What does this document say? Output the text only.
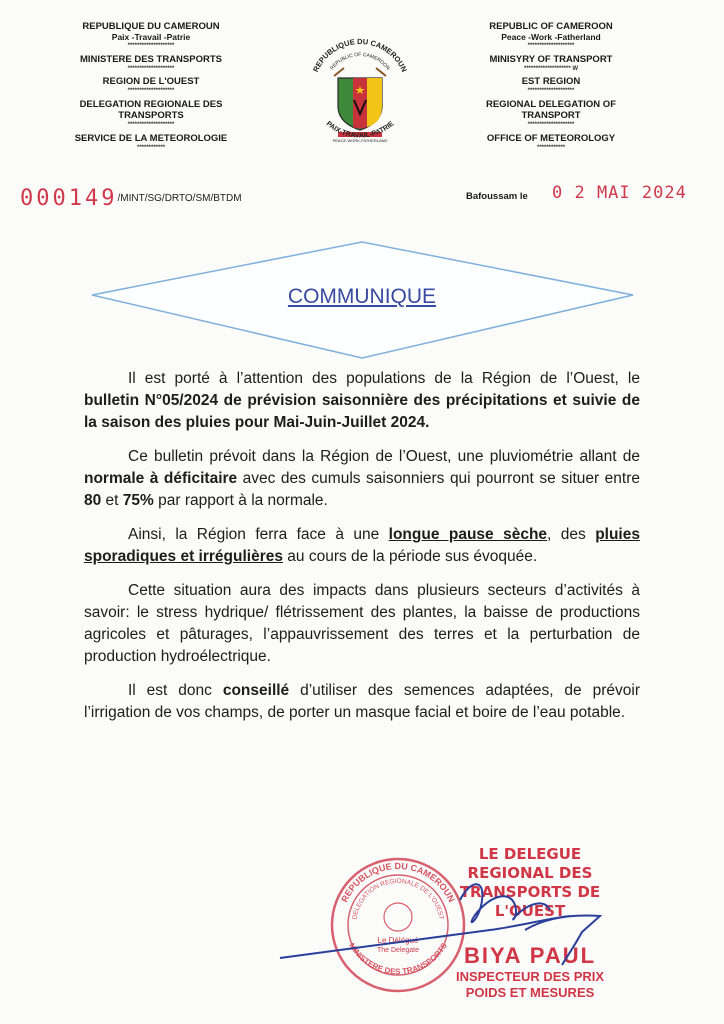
REPUBLIQUE DU CAMEROUN

Paix -Travail -Patrie

********************

MINISTERE DES TRANSPORTS

********************

REGION DE L'OUEST

********************

DELEGATION REGIONALE DES TRANSPORTS

********************

SERVICE DE LA METEOROLOGIE

************

REPUBLIQUE DU CAMEROUN
REPUBLIC OF CAMEROON
PEACE-WORK-FATHERLAND
PAIX-TRAVAIL-PATRIE

REPUBLIC OF CAMEROON

Peace -Work -Fatherland

********************

MINISYRY OF TRANSPORT

******************** W

EST REGION

********************

REGIONAL DELEGATION OF TRANSPORT

********************

OFFICE OF METEOROLOGY

************

000149/MINT/SG/DRTO/SM/BTDM	Bafoussam le 0 2 MAI 2024
COMMUNIQUE

Il est porté à l’attention des populations de la Région de l’Ouest, le bulletin N°05/2024 de prévision saisonnière des précipitations et suivie de la saison des pluies pour Mai-Juin-Juillet 2024.

Ce bulletin prévoit dans la Région de l’Ouest, une pluviométrie allant de normale à déficitaire avec des cumuls saisonniers qui pourront se situer entre 80 et 75% par rapport à la normale.

Ainsi, la Région ferra face à une longue pause sèche, des pluies sporadiques et irrégulières au cours de la période sus évoquée.

Cette situation aura des impacts dans plusieurs secteurs d’activités à savoir: le stress hydrique/ flétrissement des plantes, la baisse de productions agricoles et pâturages, l’appauvrissement des terres et la perturbation de production hydroélectrique.

Il est donc conseillé d’utiliser des semences adaptées, de prévoir l’irrigation de vos champs, de porter un masque facial et boire de l’eau potable.

REPUBLIQUE DU CAMEROUN
DELEGATION REGIONALE DE L'OUEST
Le Délégué
The Delegate
MINISTERE DES TRANSPORTS
LE DELEGUE REGIONAL DES
TRANSPORTS DE L'OUEST
BIYA PAUL
INSPECTEUR DES PRIX
POIDS ET MESURES
